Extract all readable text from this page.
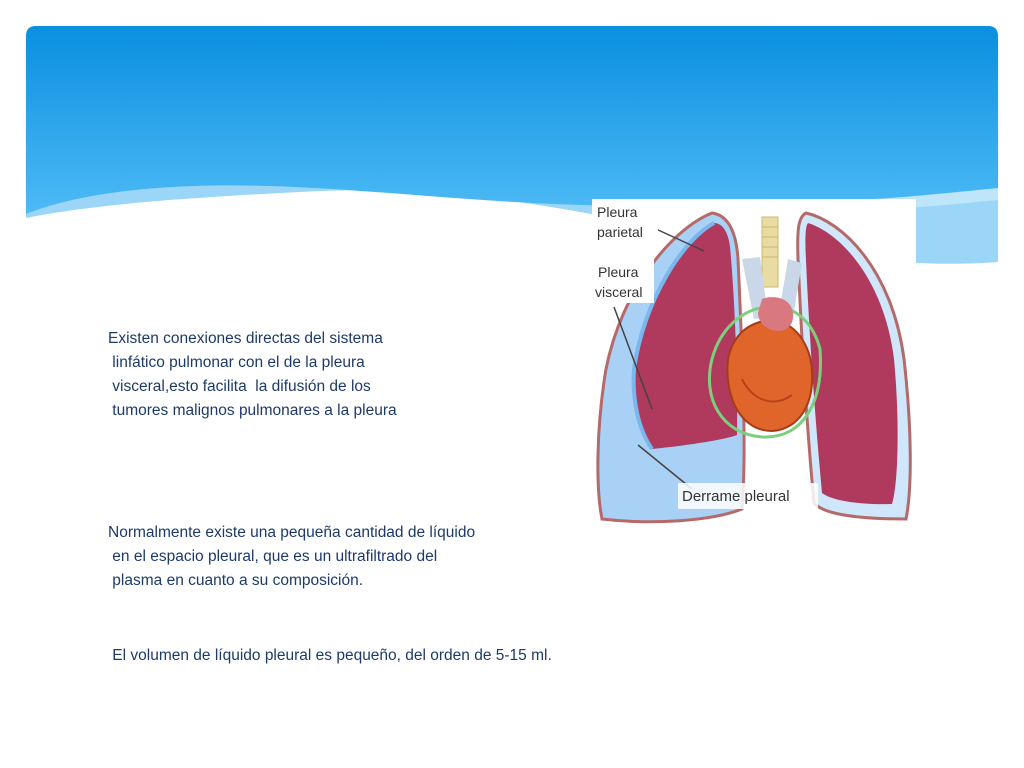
Pleura
parietal
Pleura
visceral
Derrame pleural

Existen conexiones directas del sistema
linfático pulmonar con el de la pleura
visceral,esto facilita  la difusión de los
tumores malignos pulmonares a la pleura

Normalmente existe una pequeña cantidad de líquido
en el espacio pleural, que es un ultrafiltrado del
plasma en cuanto a su composición.

El volumen de líquido pleural es pequeño, del orden de 5-15 ml.
